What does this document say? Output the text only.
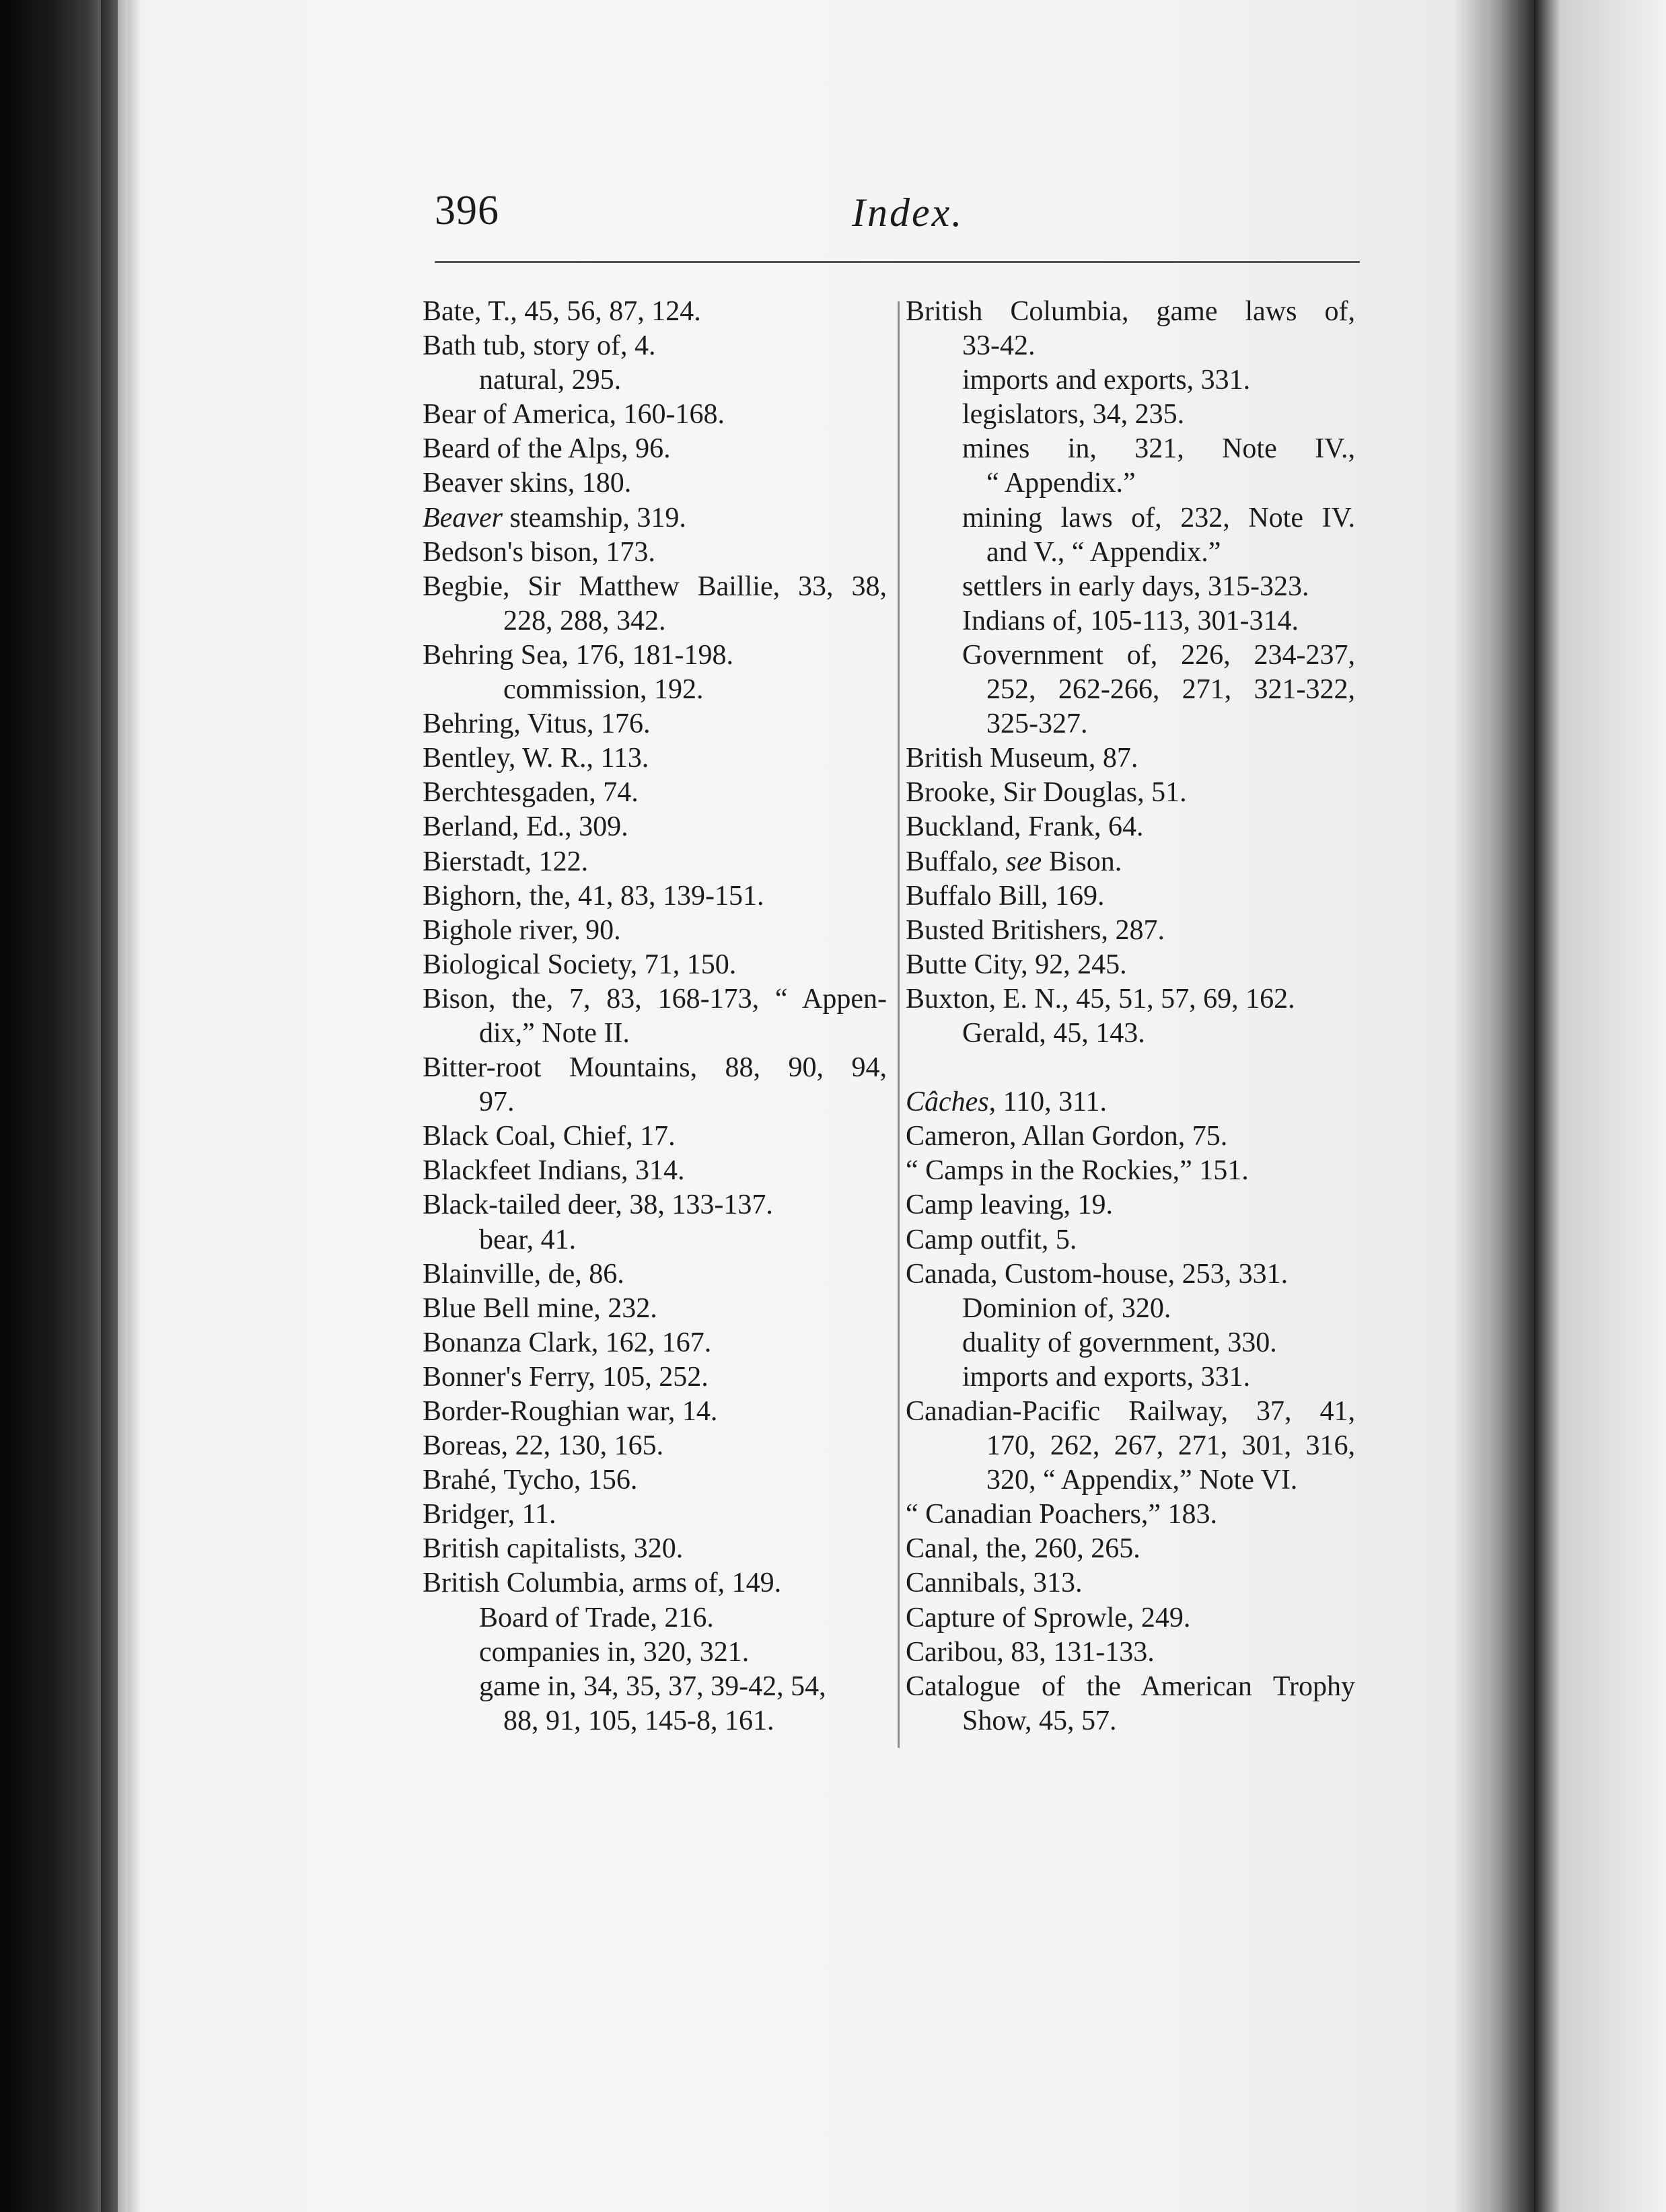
396	Index.
Bate, T., 45, 56, 87, 124.
Bath tub, story of, 4.
natural, 295.
Bear of America, 160-168.
Beard of the Alps, 96.
Beaver skins, 180.
Beaver steamship, 319.
Bedson's bison, 173.
Begbie, Sir Matthew Baillie, 33, 38,
228, 288, 342.
Behring Sea, 176, 181-198.
commission, 192.
Behring, Vitus, 176.
Bentley, W. R., 113.
Berchtesgaden, 74.
Berland, Ed., 309.
Bierstadt, 122.
Bighorn, the, 41, 83, 139-151.
Bighole river, 90.
Biological Society, 71, 150.
Bison, the, 7, 83, 168-173, “ Appen-
dix,” Note II.
Bitter-root Mountains, 88, 90, 94,
97.
Black Coal, Chief, 17.
Blackfeet Indians, 314.
Black-tailed deer, 38, 133-137.
bear, 41.
Blainville, de, 86.
Blue Bell mine, 232.
Bonanza Clark, 162, 167.
Bonner's Ferry, 105, 252.
Border-Roughian war, 14.
Boreas, 22, 130, 165.
Brahé, Tycho, 156.
Bridger, 11.
British capitalists, 320.
British Columbia, arms of, 149.
Board of Trade, 216.
companies in, 320, 321.
game in, 34, 35, 37, 39-42, 54,
88, 91, 105, 145-8, 161.
British Columbia, game laws of,
33-42.
imports and exports, 331.
legislators, 34, 235.
mines in, 321, Note IV.,
“ Appendix.”
mining laws of, 232, Note IV.
and V., “ Appendix.”
settlers in early days, 315-323.
Indians of, 105-113, 301-314.
Government of, 226, 234-237,
252, 262-266, 271, 321-322,
325-327.
British Museum, 87.
Brooke, Sir Douglas, 51.
Buckland, Frank, 64.
Buffalo, see Bison.
Buffalo Bill, 169.
Busted Britishers, 287.
Butte City, 92, 245.
Buxton, E. N., 45, 51, 57, 69, 162.
Gerald, 45, 143.
Câches, 110, 311.
Cameron, Allan Gordon, 75.
“ Camps in the Rockies,” 151.
Camp leaving, 19.
Camp outfit, 5.
Canada, Custom-house, 253, 331.
Dominion of, 320.
duality of government, 330.
imports and exports, 331.
Canadian-Pacific Railway, 37, 41,
170, 262, 267, 271, 301, 316,
320, “ Appendix,” Note VI.
“ Canadian Poachers,” 183.
Canal, the, 260, 265.
Cannibals, 313.
Capture of Sprowle, 249.
Caribou, 83, 131-133.
Catalogue of the American Trophy
Show, 45, 57.
